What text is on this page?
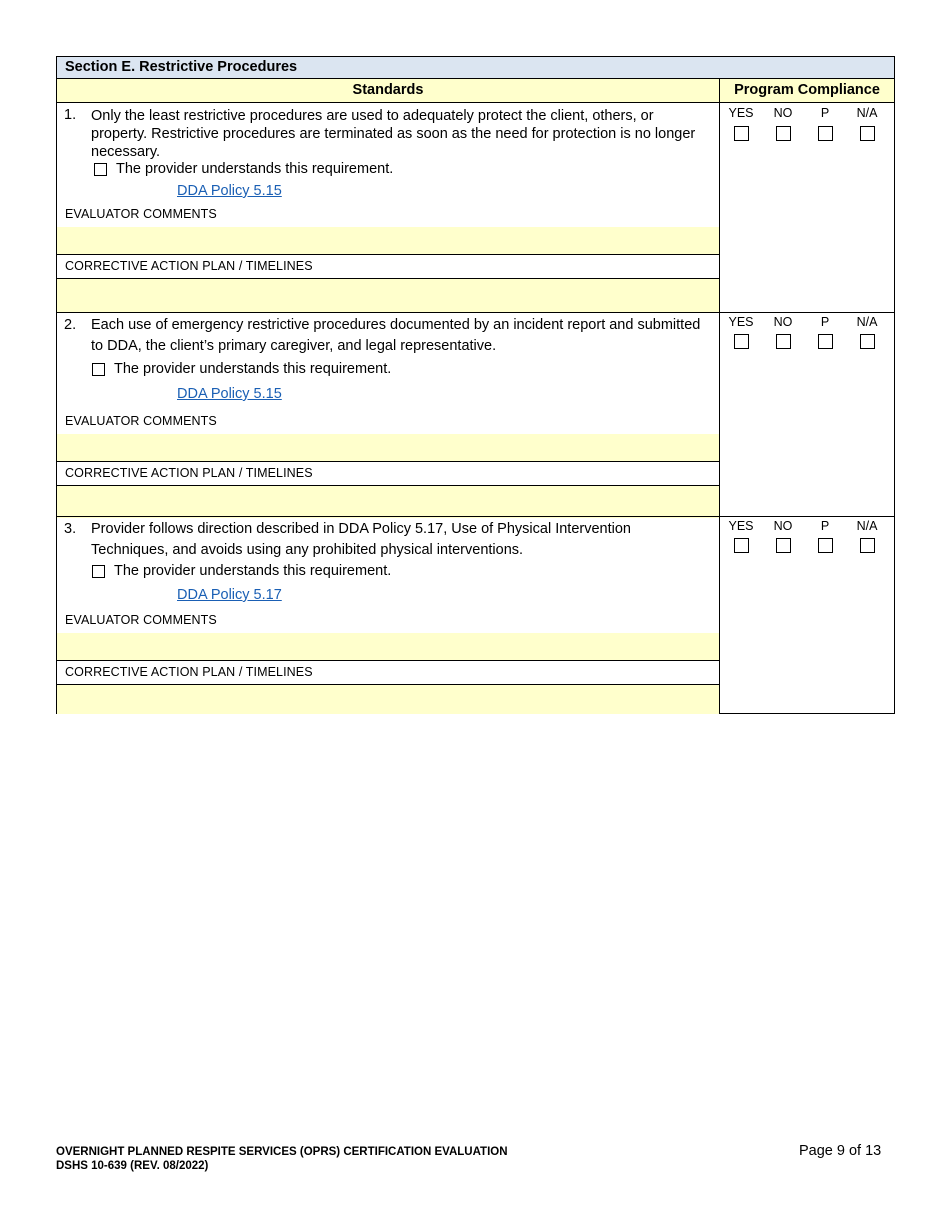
Section E. Restrictive Procedures
Standards	Program Compliance
1. Only the least restrictive procedures are used to adequately protect the client, others, or property. Restrictive procedures are terminated as soon as the need for protection is no longer necessary.
The provider understands this requirement.
DDA Policy 5.15
EVALUATOR COMMENTS
CORRECTIVE ACTION PLAN / TIMELINES
YES	NO	P	N/A
2. Each use of emergency restrictive procedures documented by an incident report and submitted to DDA, the client’s primary caregiver, and legal representative.
The provider understands this requirement.
DDA Policy 5.15
EVALUATOR COMMENTS
CORRECTIVE ACTION PLAN / TIMELINES
YES	NO	P	N/A
3. Provider follows direction described in DDA Policy 5.17, Use of Physical Intervention Techniques, and avoids using any prohibited physical interventions.
The provider understands this requirement.
DDA Policy 5.17
EVALUATOR COMMENTS
CORRECTIVE ACTION PLAN / TIMELINES
YES	NO	P	N/A
OVERNIGHT PLANNED RESPITE SERVICES (OPRS) CERTIFICATION EVALUATION
DSHS 10-639 (REV. 08/2022)
Page 9 of 13
